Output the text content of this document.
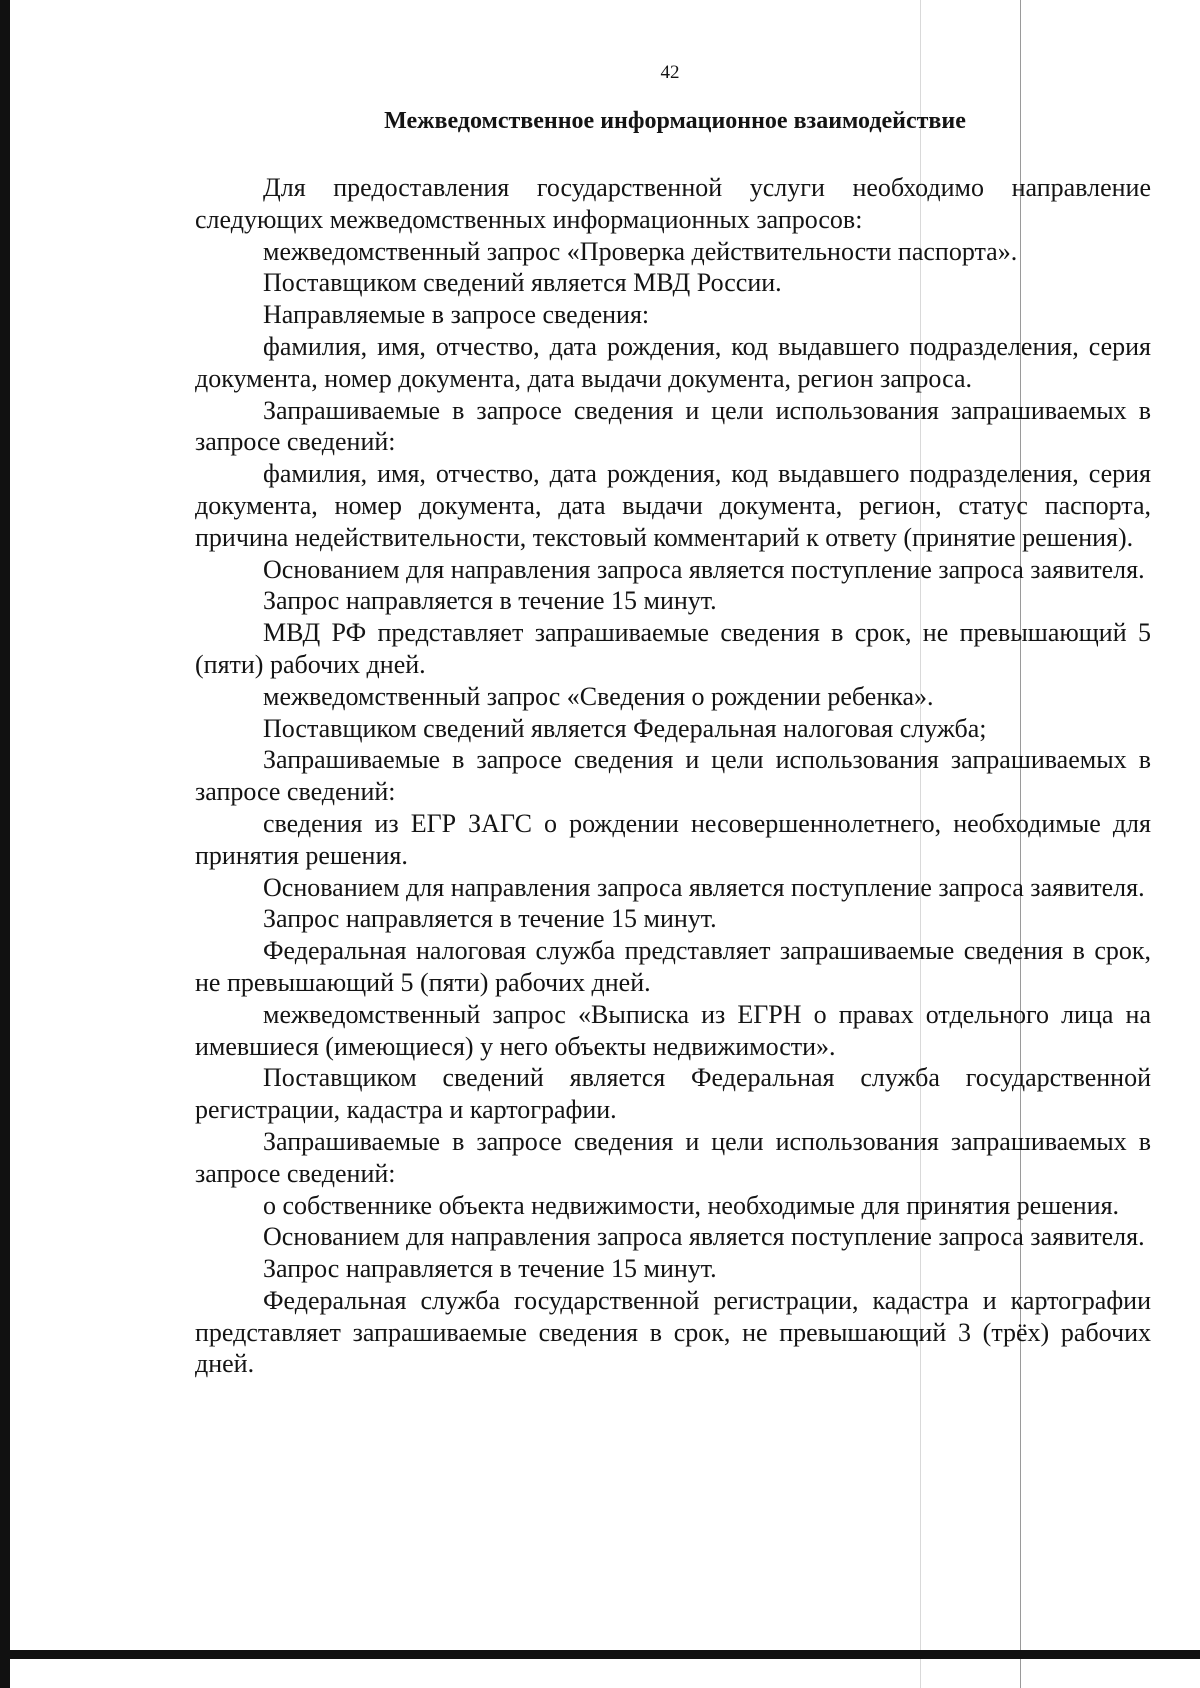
42
Межведомственное информационное взаимодействие

Для предоставления государственной услуги необходимо направление следующих межведомственных информационных запросов:

межведомственный запрос «Проверка действительности паспорта».

Поставщиком сведений является МВД России.

Направляемые в запросе сведения:

фамилия, имя, отчество, дата рождения, код выдавшего подразделения, серия документа, номер документа, дата выдачи документа, регион запроса.

Запрашиваемые в запросе сведения и цели использования запрашиваемых в запросе сведений:

фамилия, имя, отчество, дата рождения, код выдавшего подразделения, серия документа, номер документа, дата выдачи документа, регион, статус паспорта, причина недействительности, текстовый комментарий к ответу (принятие решения).

Основанием для направления запроса является поступление запроса заявителя.

Запрос направляется в течение 15 минут.

МВД РФ представляет запрашиваемые сведения в срок, не превышающий 5 (пяти) рабочих дней.

межведомственный запрос «Сведения о рождении ребенка».

Поставщиком сведений является Федеральная налоговая служба;

Запрашиваемые в запросе сведения и цели использования запрашиваемых в запросе сведений:

сведения из ЕГР ЗАГС о рождении несовершеннолетнего, необходимые для принятия решения.

Основанием для направления запроса является поступление запроса заявителя.

Запрос направляется в течение 15 минут.

Федеральная налоговая служба представляет запрашиваемые сведения в срок, не превышающий 5 (пяти) рабочих дней.

межведомственный запрос «Выписка из ЕГРН о правах отдельного лица на имевшиеся (имеющиеся) у него объекты недвижимости».

Поставщиком сведений является Федеральная служба государственной регистрации, кадастра и картографии.

Запрашиваемые в запросе сведения и цели использования запрашиваемых в запросе сведений:

о собственнике объекта недвижимости, необходимые для принятия решения.

Основанием для направления запроса является поступление запроса заявителя.

Запрос направляется в течение 15 минут.

Федеральная служба государственной регистрации, кадастра и картографии представляет запрашиваемые сведения в срок, не превышающий 3 (трёх) рабочих дней.
